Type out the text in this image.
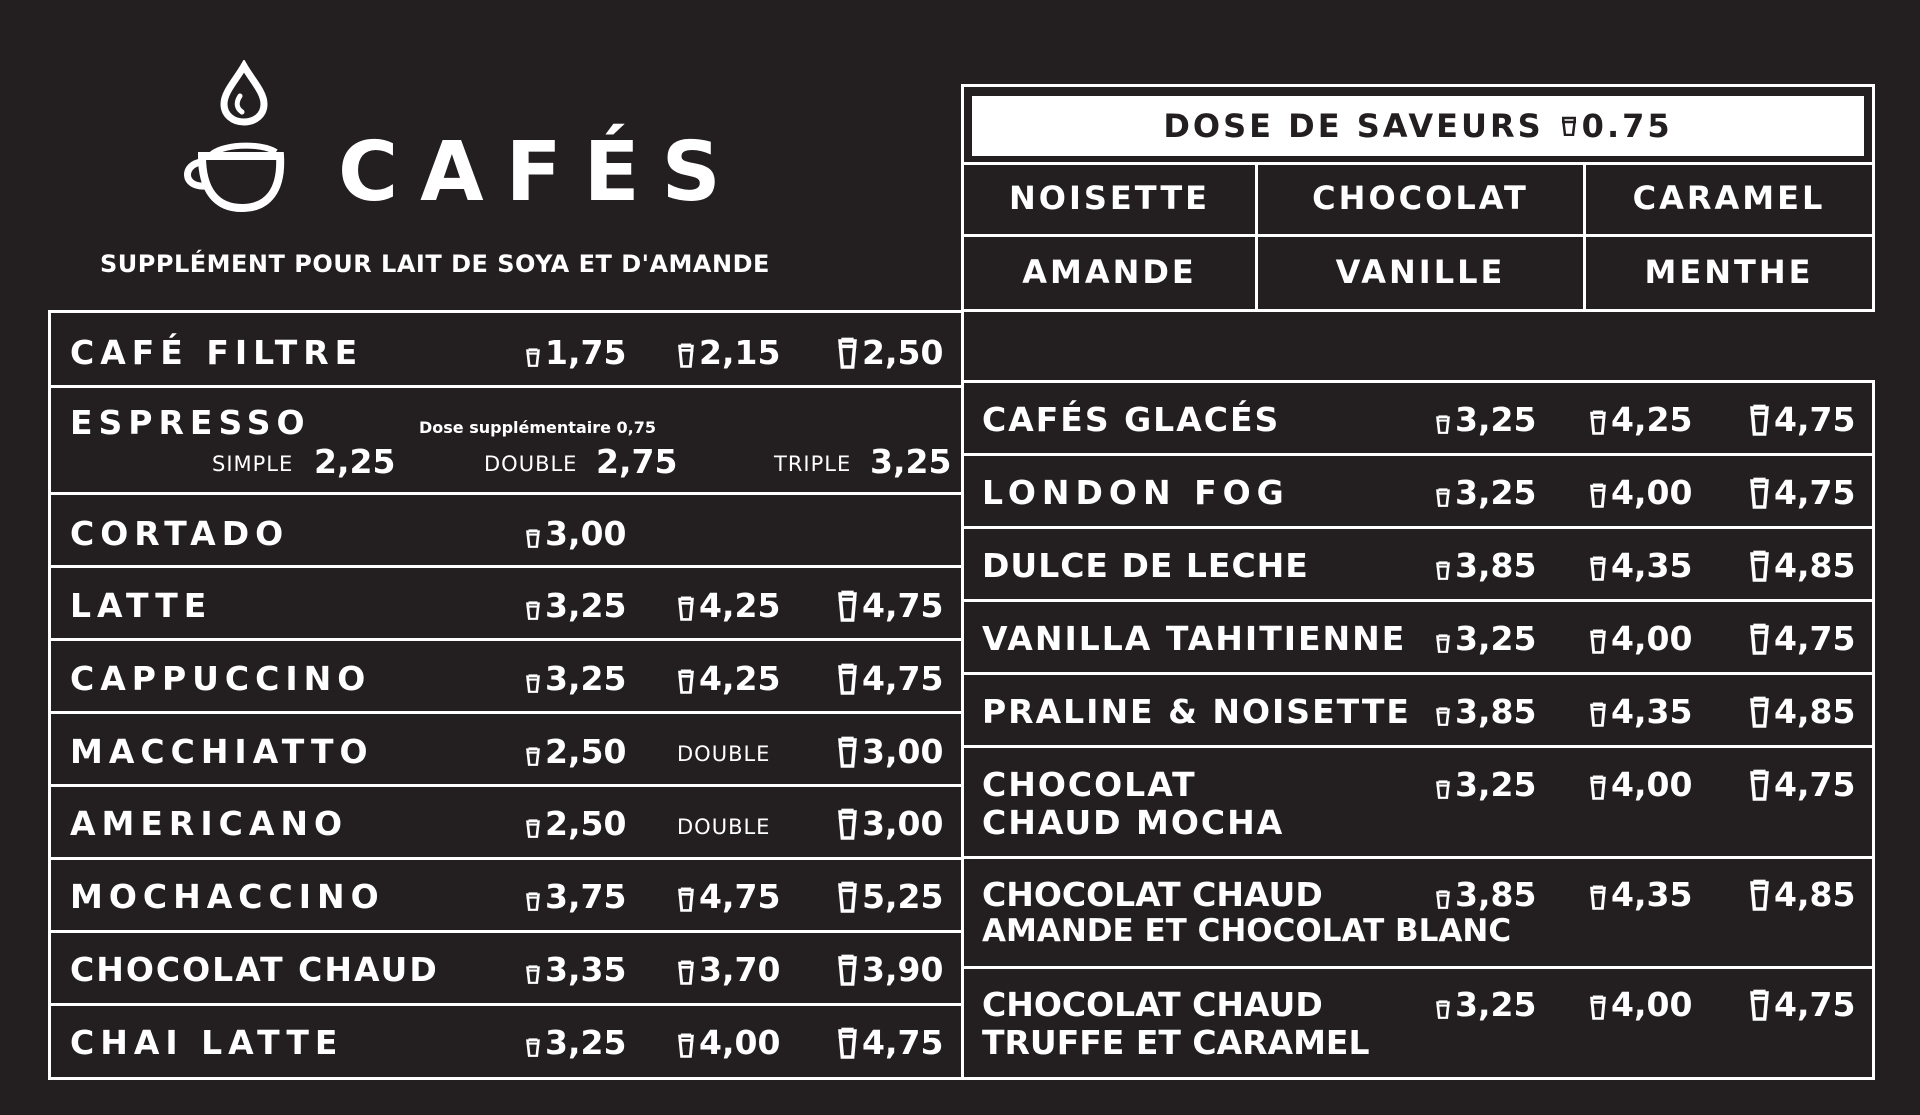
CAFÉS
SUPPLÉMENT POUR LAIT DE SOYA ET D'AMANDE
DOSE DE SAVEURS 0.75
NOISETTE	CHOCOLAT	CARAMEL
AMANDE	VANILLE	MENTHE
CAFÉ FILTRE	1,75 2,15 2,50
ESPRESSO	Dose supplémentaire 0,75
SIMPLE 2,25	DOUBLE 2,75	TRIPLE 3,25
CORTADO	3,00
LATTE	3,25 4,25 4,75
CAPPUCCINO	3,25 4,25 4,75
MACCHIATTO	2,50 DOUBLE	3,00
AMERICANO	2,50 DOUBLE	3,00
MOCHACCINO	3,75 4,75 5,25
CHOCOLAT CHAUD	3,35 3,70 3,90
CHAI LATTE	3,25 4,00 4,75
CAFÉS GLACÉS	3,25 4,25 4,75
LONDON FOG	3,25 4,00 4,75
DULCE DE LECHE	3,85 4,35 4,85
VANILLA TAHITIENNE 3,25 4,00 4,75
PRALINE & NOISETTE 3,85 4,35 4,85
CHOCOLAT
CHAUD MOCHA
3,25 4,00 4,75
CHOCOLAT CHAUD
AMANDE ET CHOCOLAT BLANC
3,85 4,35 4,85
CHOCOLAT CHAUD
TRUFFE ET CARAMEL
3,25 4,00 4,75
